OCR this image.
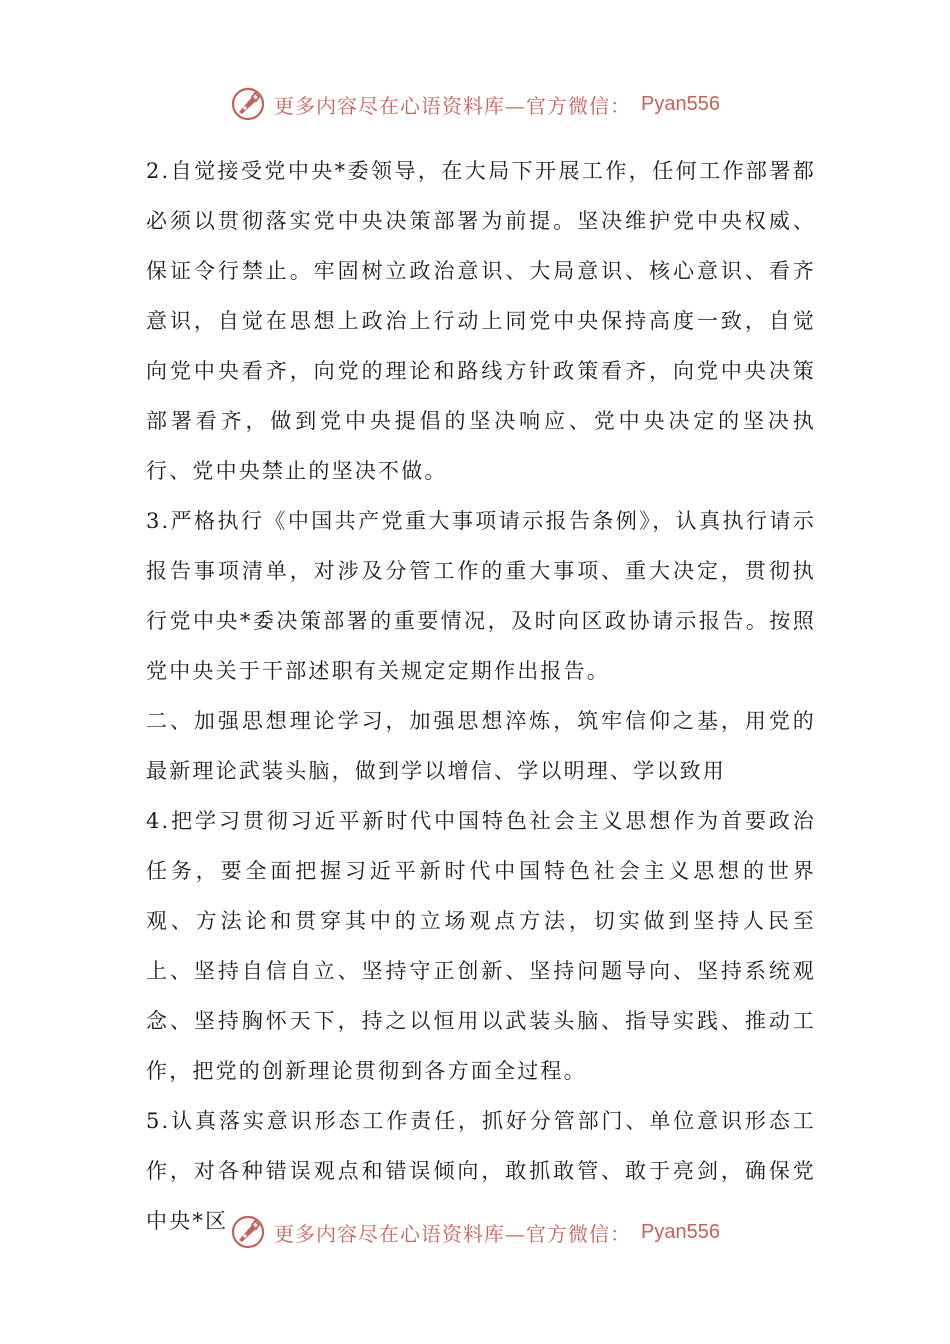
更多内容尽在心语资料库—官方微信： Pyan556

2.自觉接受党中央*委领导，在大局下开展工作，任何工作部署都必须以贯彻落实党中央决策部署为前提。坚决维护党中央权威、保证令行禁止。牢固树立政治意识、大局意识、核心意识、看齐意识，自觉在思想上政治上行动上同党中央保持高度一致，自觉向党中央看齐，向党的理论和路线方针政策看齐，向党中央决策部署看齐，做到党中央提倡的坚决响应、党中央决定的坚决执行、党中央禁止的坚决不做。

3.严格执行《中国共产党重大事项请示报告条例》，认真执行请示报告事项清单，对涉及分管工作的重大事项、重大决定，贯彻执行党中央*委决策部署的重要情况，及时向区政协请示报告。按照党中央关于干部述职有关规定定期作出报告。

二、加强思想理论学习，加强思想淬炼，筑牢信仰之基，用党的最新理论武装头脑，做到学以增信、学以明理、学以致用

4.把学习贯彻习近平新时代中国特色社会主义思想作为首要政治任务，要全面把握习近平新时代中国特色社会主义思想的世界观、方法论和贯穿其中的立场观点方法，切实做到坚持人民至上、坚持自信自立、坚持守正创新、坚持问题导向、坚持系统观念、坚持胸怀天下，持之以恒用以武装头脑、指导实践、推动工作，把党的创新理论贯彻到各方面全过程。

5.认真落实意识形态工作责任，抓好分管部门、单位意识形态工作，对各种错误观点和错误倾向，敢抓敢管、敢于亮剑，确保党中央*区

更多内容尽在心语资料库—官方微信： Pyan556
